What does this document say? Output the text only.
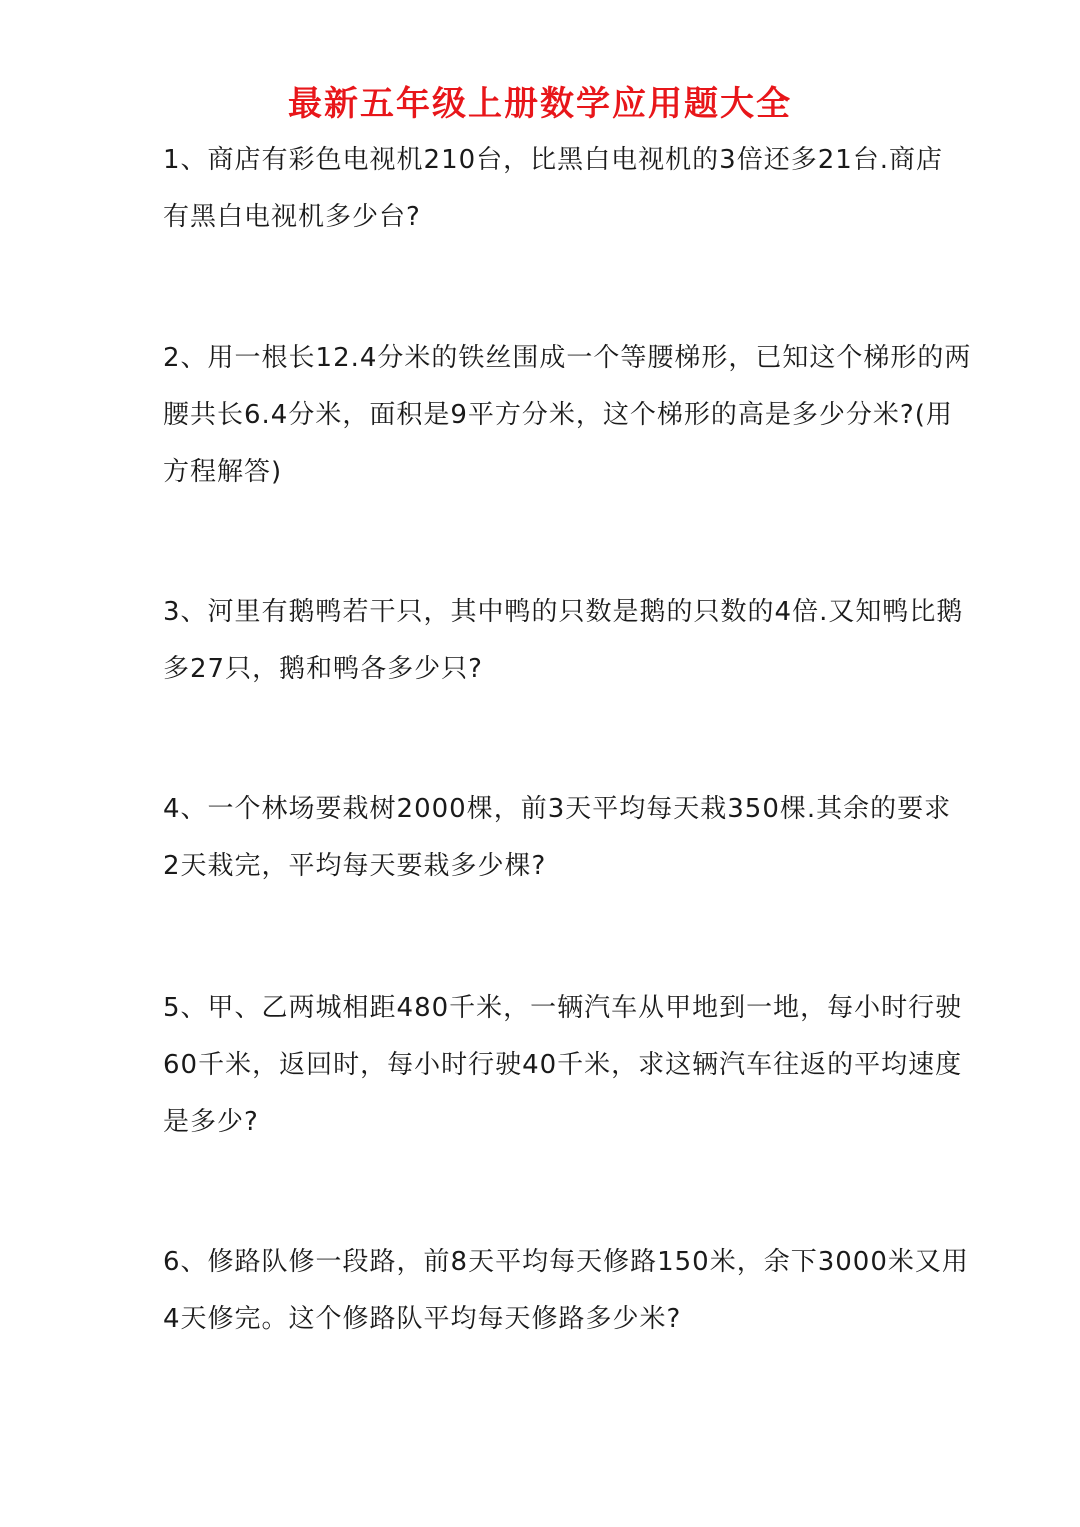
最新五年级上册数学应用题大全
1、商店有彩色电视机210台，比黑白电视机的3倍还多21台.商店
有黑白电视机多少台?
2、用一根长12.4分米的铁丝围成一个等腰梯形，已知这个梯形的两
腰共长6.4分米，面积是9平方分米，这个梯形的高是多少分米?(用
方程解答)
3、河里有鹅鸭若干只，其中鸭的只数是鹅的只数的4倍.又知鸭比鹅
多27只，鹅和鸭各多少只?
4、一个林场要栽树2000棵，前3天平均每天栽350棵.其余的要求
2天栽完，平均每天要栽多少棵?
5、甲、乙两城相距480千米，一辆汽车从甲地到一地，每小时行驶
60千米，返回时，每小时行驶40千米，求这辆汽车往返的平均速度
是多少?
6、修路队修一段路，前8天平均每天修路150米，余下3000米又用
4天修完。这个修路队平均每天修路多少米?
